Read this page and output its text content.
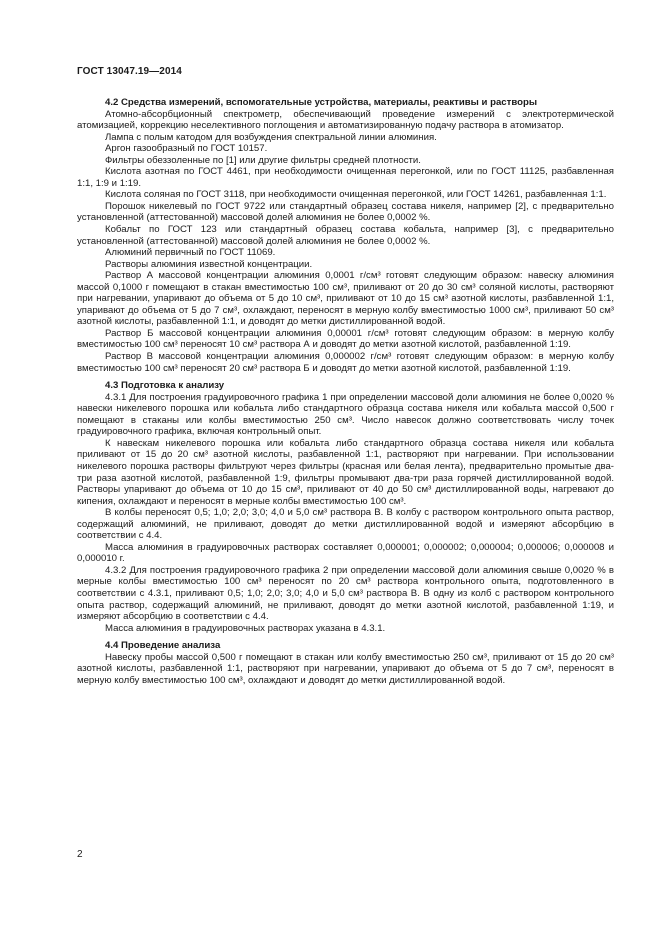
ГОСТ 13047.19—2014

4.2 Средства измерений, вспомогательные устройства, материалы, реактивы и растворы

Атомно-абсорбционный спектрометр, обеспечивающий проведение измерений с электротермической атомизацией, коррекцию неселективного поглощения и автоматизированную подачу раствора в атомизатор.

Лампа с полым катодом для возбуждения спектральной линии алюминия.

Аргон газообразный по ГОСТ 10157.

Фильтры обеззоленные по [1] или другие фильтры средней плотности.

Кислота азотная по ГОСТ 4461, при необходимости очищенная перегонкой, или по ГОСТ 11125, разбавленная 1:1, 1:9 и 1:19.

Кислота соляная по ГОСТ 3118, при необходимости очищенная перегонкой, или ГОСТ 14261, разбавленная 1:1.

Порошок никелевый по ГОСТ 9722 или стандартный образец состава никеля, например [2], с предварительно установленной (аттестованной) массовой долей алюминия не более 0,0002 %.

Кобальт по ГОСТ 123 или стандартный образец состава кобальта, например [3], с предварительно установленной (аттестованной) массовой долей алюминия не более 0,0002 %.

Алюминий первичный по ГОСТ 11069.

Растворы алюминия известной концентрации.

Раствор А массовой концентрации алюминия 0,0001 г/см³ готовят следующим образом: навеску алюминия массой 0,1000 г помещают в стакан вместимостью 100 см³, приливают от 20 до 30 см³ соляной кислоты, растворяют при нагревании, упаривают до объема от 5 до 10 см³, приливают от 10 до 15 см³ азотной кислоты, разбавленной 1:1, упаривают до объема от 5 до 7 см³, охлаждают, переносят в мерную колбу вместимостью 1000 см³, приливают 50 см³ азотной кислоты, разбавленной 1:1, и доводят до метки дистиллированной водой.

Раствор Б массовой концентрации алюминия 0,00001 г/см³ готовят следующим образом: в мерную колбу вместимостью 100 см³ переносят 10 см³ раствора А и доводят до метки азотной кислотой, разбавленной 1:19.

Раствор В массовой концентрации алюминия 0,000002 г/см³ готовят следующим образом: в мерную колбу вместимостью 100 см³ переносят 20 см³ раствора Б и доводят до метки азотной кислотой, разбавленной 1:19.

4.3 Подготовка к анализу

4.3.1 Для построения градуировочного графика 1 при определении массовой доли алюминия не более 0,0020 % навески никелевого порошка или кобальта либо стандартного образца состава никеля или кобальта массой 0,500 г помещают в стаканы или колбы вместимостью 250 см³. Число навесок должно соответствовать числу точек градуировочного графика, включая контрольный опыт.

К навескам никелевого порошка или кобальта либо стандартного образца состава никеля или кобальта приливают от 15 до 20 см³ азотной кислоты, разбавленной 1:1, растворяют при нагревании. При использовании никелевого порошка растворы фильтруют через фильтры (красная или белая лента), предварительно промытые два-три раза азотной кислотой, разбавленной 1:9, фильтры промывают два-три раза горячей дистиллированной водой. Растворы упаривают до объема от 10 до 15 см³, приливают от 40 до 50 см³ дистиллированной воды, нагревают до кипения, охлаждают и переносят в мерные колбы вместимостью 100 см³.

В колбы переносят 0,5; 1,0; 2,0; 3,0; 4,0 и 5,0 см³ раствора В. В колбу с раствором контрольного опыта раствор, содержащий алюминий, не приливают, доводят до метки дистиллированной водой и измеряют абсорбцию в соответствии с 4.4.

Масса алюминия в градуировочных растворах составляет 0,000001; 0,000002; 0,000004; 0,000006; 0,000008 и 0,000010 г.

4.3.2 Для построения градуировочного графика 2 при определении массовой доли алюминия свыше 0,0020 % в мерные колбы вместимостью 100 см³ переносят по 20 см³ раствора контрольного опыта, подготовленного в соответствии с 4.3.1, приливают 0,5; 1,0; 2,0; 3,0; 4,0 и 5,0 см³ раствора В. В одну из колб с раствором контрольного опыта раствор, содержащий алюминий, не приливают, доводят до метки азотной кислотой, разбавленной 1:19, и измеряют абсорбцию в соответствии с 4.4.

Масса алюминия в градуировочных растворах указана в 4.3.1.

4.4 Проведение анализа

Навеску пробы массой 0,500 г помещают в стакан или колбу вместимостью 250 см³, приливают от 15 до 20 см³ азотной кислоты, разбавленной 1:1, растворяют при нагревании, упаривают до объема от 5 до 7 см³, переносят в мерную колбу вместимостью 100 см³, охлаждают и доводят до метки дистиллированной водой.

2
